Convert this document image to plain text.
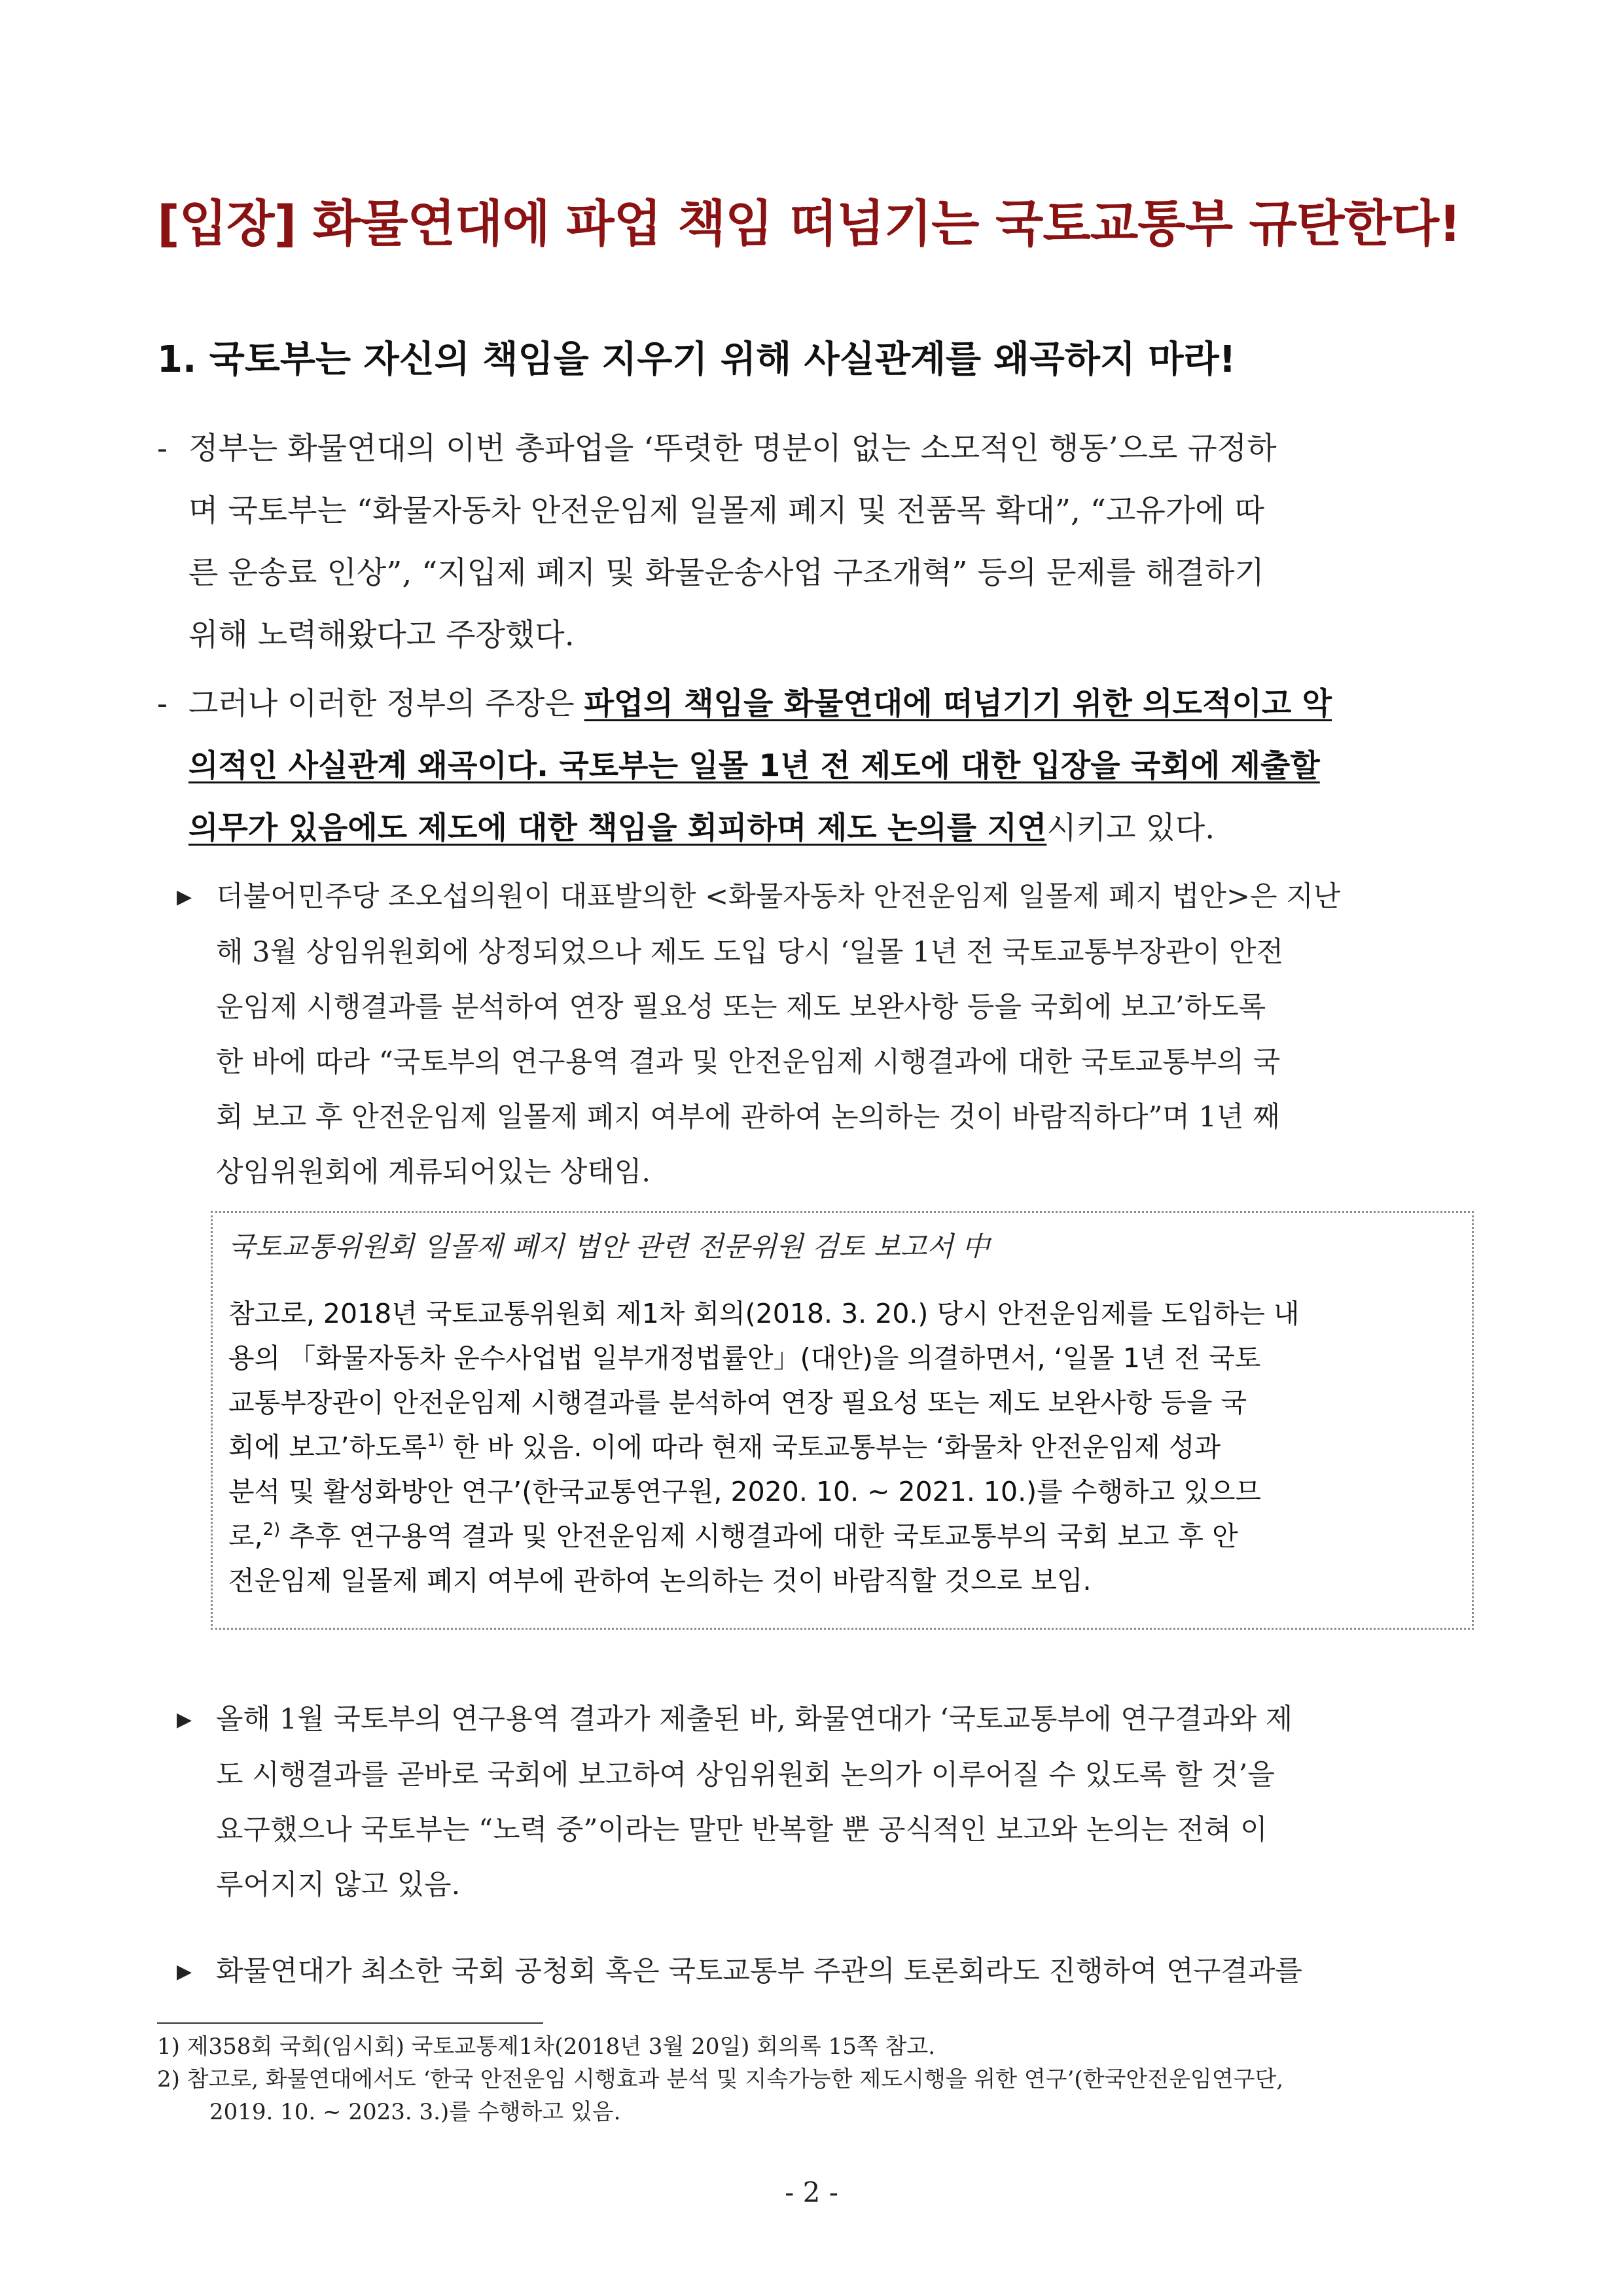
[입장] 화물연대에 파업 책임 떠넘기는 국토교통부 규탄한다!
1. 국토부는 자신의 책임을 지우기 위해 사실관계를 왜곡하지 마라!
- 정부는 화물연대의 이번 총파업을 ‘뚜렷한 명분이 없는 소모적인 행동’으로 규정하
며 국토부는 “화물자동차 안전운임제 일몰제 폐지 및 전품목 확대”, “고유가에 따
른 운송료 인상”, “지입제 폐지 및 화물운송사업 구조개혁” 등의 문제를 해결하기
위해 노력해왔다고 주장했다.
- 그러나 이러한 정부의 주장은 파업의 책임을 화물연대에 떠넘기기 위한 의도적이고 악
의적인 사실관계 왜곡이다. 국토부는 일몰 1년 전 제도에 대한 입장을 국회에 제출할
의무가 있음에도 제도에 대한 책임을 회피하며 제도 논의를 지연시키고 있다.
▶ 더불어민주당 조오섭의원이 대표발의한 <화물자동차 안전운임제 일몰제 폐지 법안>은 지난
해 3월 상임위원회에 상정되었으나 제도 도입 당시 ‘일몰 1년 전 국토교통부장관이 안전
운임제 시행결과를 분석하여 연장 필요성 또는 제도 보완사항 등을 국회에 보고’하도록
한 바에 따라 “국토부의 연구용역 결과 및 안전운임제 시행결과에 대한 국토교통부의 국
회 보고 후 안전운임제 일몰제 폐지 여부에 관하여 논의하는 것이 바람직하다”며 1년 째
상임위원회에 계류되어있는 상태임.
국토교통위원회 일몰제 폐지 법안 관련 전문위원 검토 보고서 中
참고로, 2018년 국토교통위원회 제1차 회의(2018. 3. 20.) 당시 안전운임제를 도입하는 내
용의 「화물자동차 운수사업법 일부개정법률안」(대안)을 의결하면서, ‘일몰 1년 전 국토
교통부장관이 안전운임제 시행결과를 분석하여 연장 필요성 또는 제도 보완사항 등을 국
회에 보고’하도록$^{1)}$ 한 바 있음. 이에 따라 현재 국토교통부는 ‘화물차 안전운임제 성과
분석 및 활성화방안 연구’(한국교통연구원, 2020. 10. ~ 2021. 10.)를 수행하고 있으므
로,$^{2)}$ 추후 연구용역 결과 및 안전운임제 시행결과에 대한 국토교통부의 국회 보고 후 안
전운임제 일몰제 폐지 여부에 관하여 논의하는 것이 바람직할 것으로 보임.
▶ 올해 1월 국토부의 연구용역 결과가 제출된 바, 화물연대가 ‘국토교통부에 연구결과와 제
도 시행결과를 곧바로 국회에 보고하여 상임위원회 논의가 이루어질 수 있도록 할 것’을
요구했으나 국토부는 “노력 중”이라는 말만 반복할 뿐 공식적인 보고와 논의는 전혀 이
루어지지 않고 있음.
▶ 화물연대가 최소한 국회 공청회 혹은 국토교통부 주관의 토론회라도 진행하여 연구결과를
1) 제358회 국회(임시회) 국토교통제1차(2018년 3월 20일) 회의록 15쪽 참고.
2) 참고로, 화물연대에서도 ‘한국 안전운임 시행효과 분석 및 지속가능한 제도시행을 위한 연구’(한국안전운임연구단,
2019. 10. ~ 2023. 3.)를 수행하고 있음.
- 2 -
